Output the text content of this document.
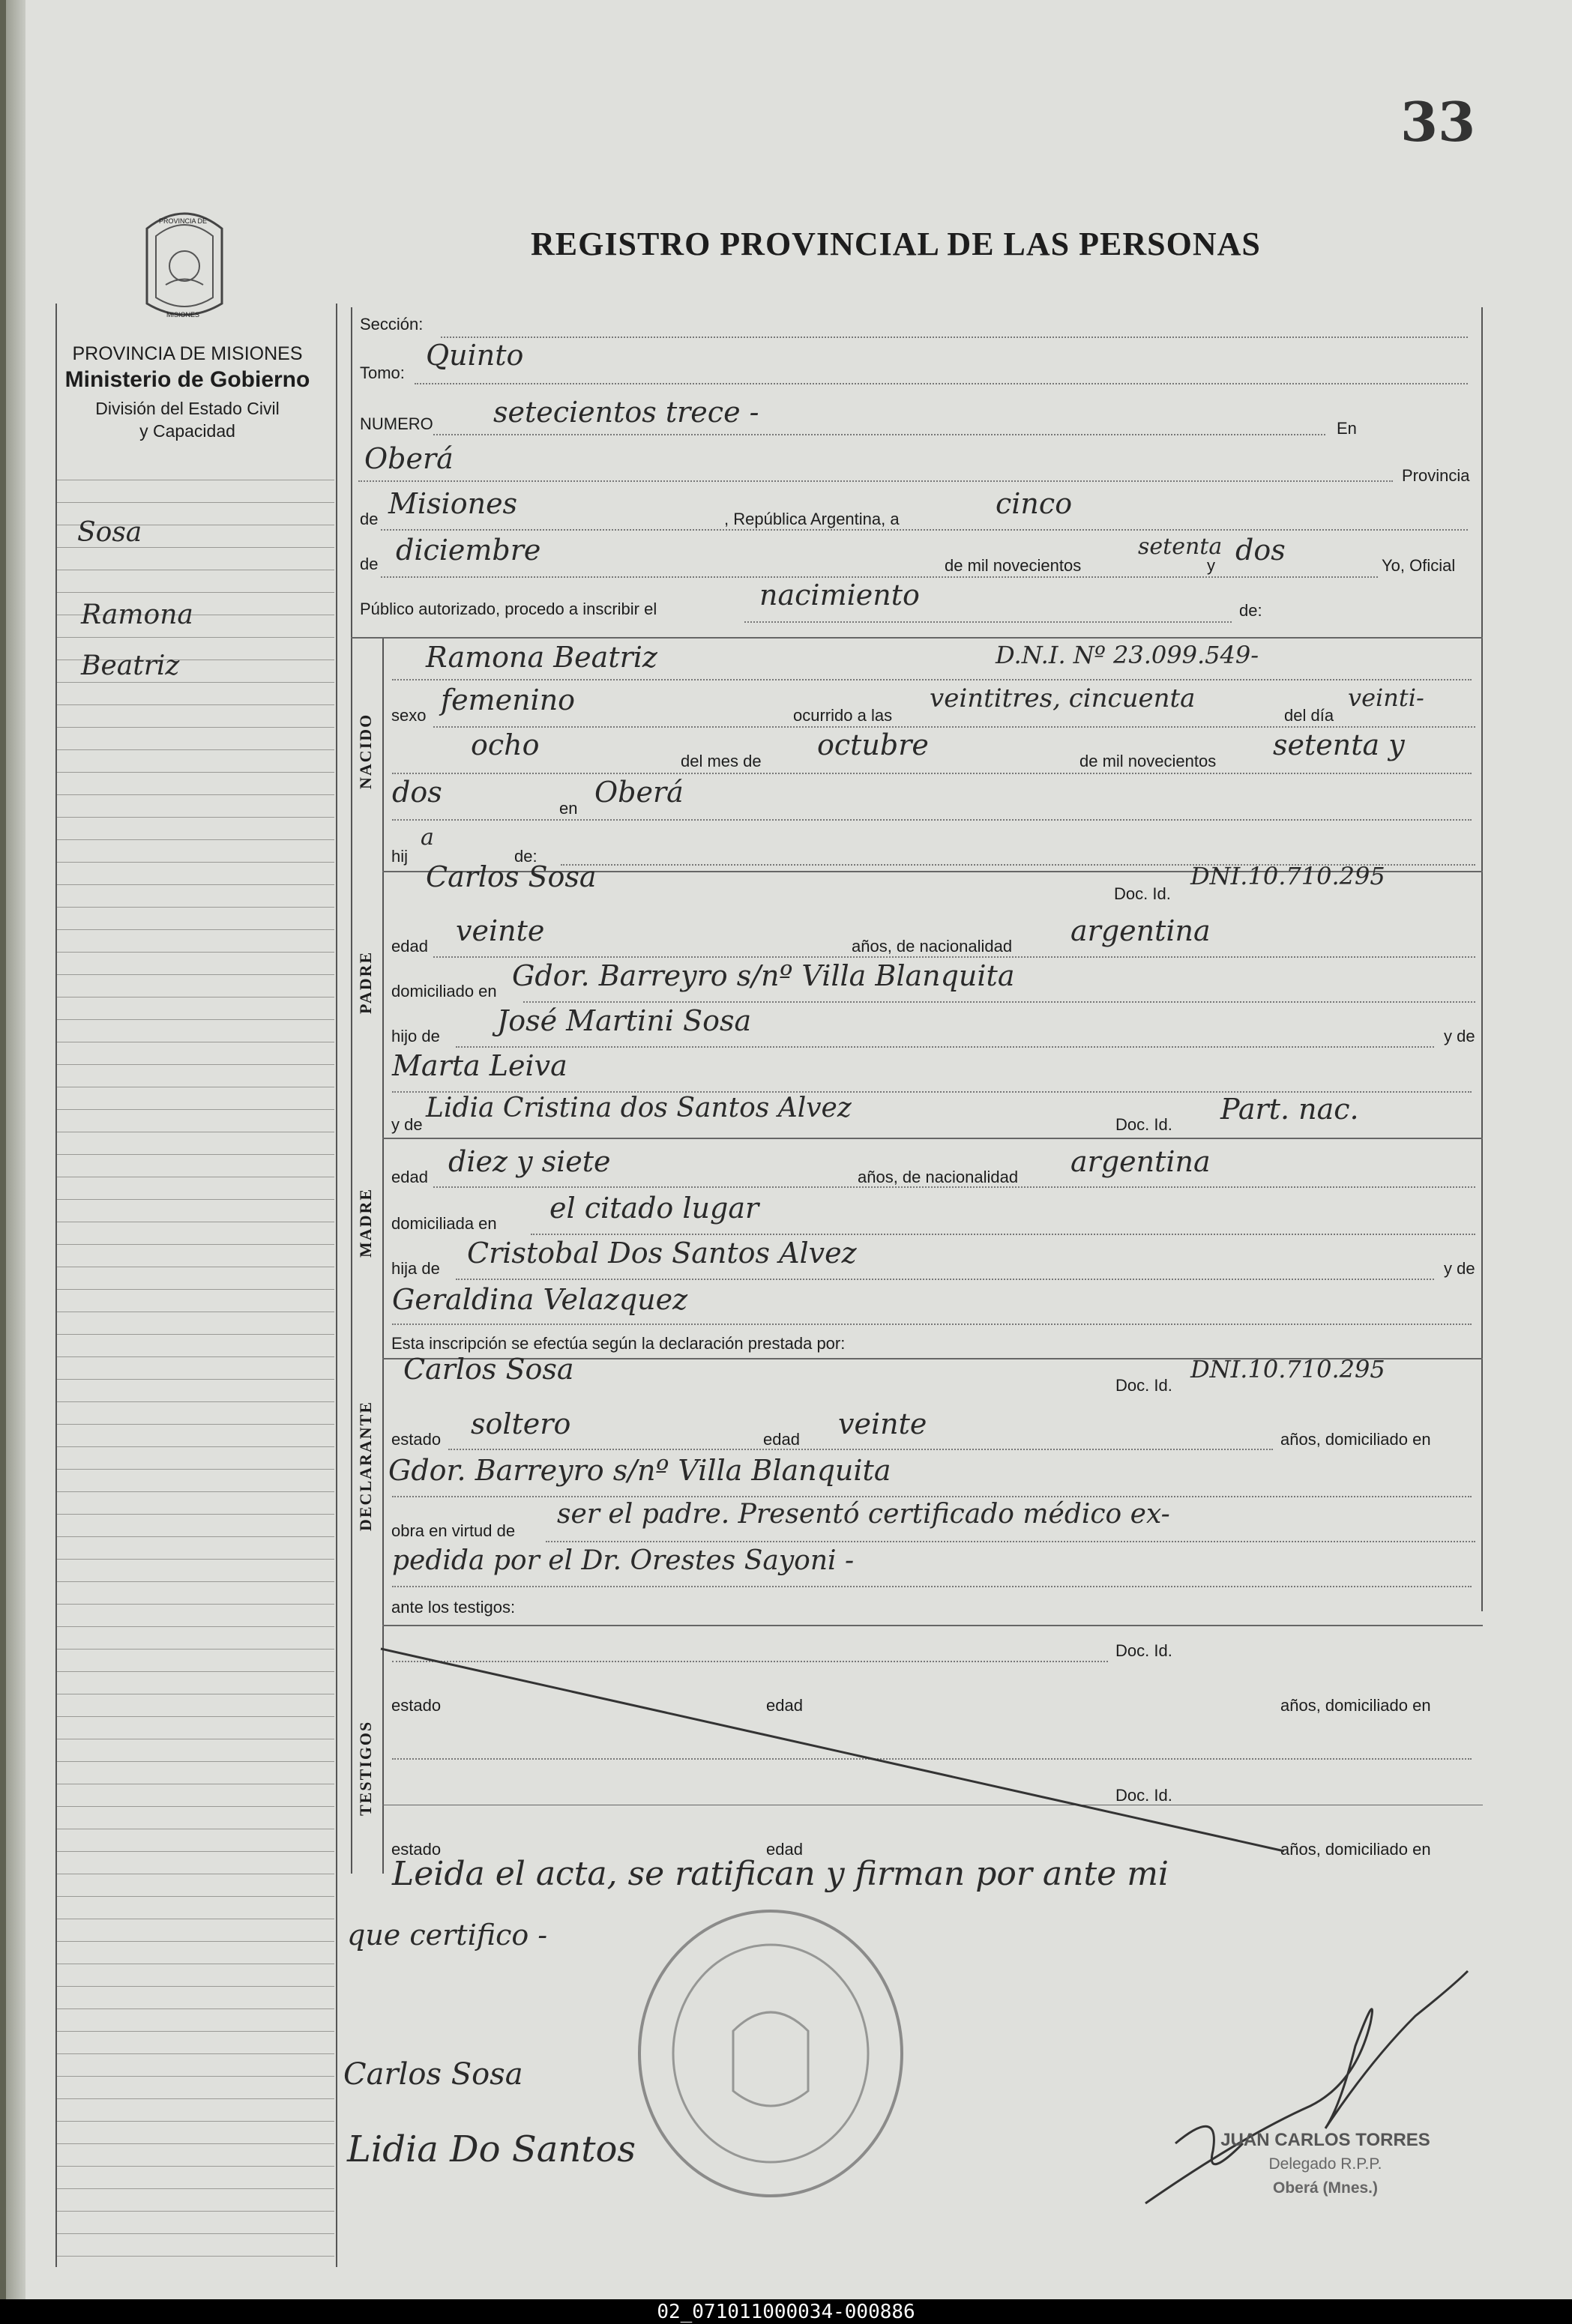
33
REGISTRO PROVINCIAL DE LAS PERSONAS
PROVINCIA DE
MISIONES
PROVINCIA DE MISIONES
Ministerio de Gobierno
División del Estado Civil
y Capacidad
Sosa
Ramona
Beatriz
Sección:
Tomo:
Quinto
NUMERO setecientos trece -	En
Oberá
Provincia
de Misiones	, República Argentina, a	cinco
de diciembre	de mil novecientos
setenta
y dos	Yo, Oficial
Público autorizado, procedo a inscribir el	nacimiento	de:
NACIDO
Ramona Beatriz	D.N.I. Nº 23.099.549-
sexo femenino	ocurrido a las
veintitres, cincuenta
del día
veinti-
ocho	del mes de octubre	de mil novecientos setenta y
dos	en Oberá
hij
a
de:
Carlos Sosa
Doc. Id.
DNI.10.710.295
PADRE
edad veinte	años, de nacionalidad argentina
domiciliado en Gdor. Barreyro s/nº Villa Blanquita
hijo de José Martini Sosa	y de
Marta Leiva
y de
Lidia Cristina dos Santos Alvez
Doc. Id. Part. nac.
MADRE
edad diez y siete	años, de nacionalidad argentina
domiciliada en el citado lugar
hija de Cristobal Dos Santos Alvez	y de
Geraldina Velazquez
Esta inscripción se efectúa según la declaración prestada por:
Carlos Sosa	Doc. Id.
DNI.10.710.295
DECLARANTE estado soltero	edad veinte	años, domiciliado en
Gdor. Barreyro s/nº Villa Blanquita
obra en virtud de
ser el padre. Presentó certificado médico ex-
pedida por el Dr. Orestes Sayoni -
ante los testigos:
TESTIGOS
Doc. Id.
estado	edad	años, domiciliado en
Doc. Id.
estado	edad	años, domiciliado en
Leida el acta, se ratifican y firman por ante mi
que certifico -
Carlos Sosa
Lidia Do Santos	JUAN CARLOS TORRES
Delegado R.P.P.
Oberá (Mnes.)
02_071011000034-000886
